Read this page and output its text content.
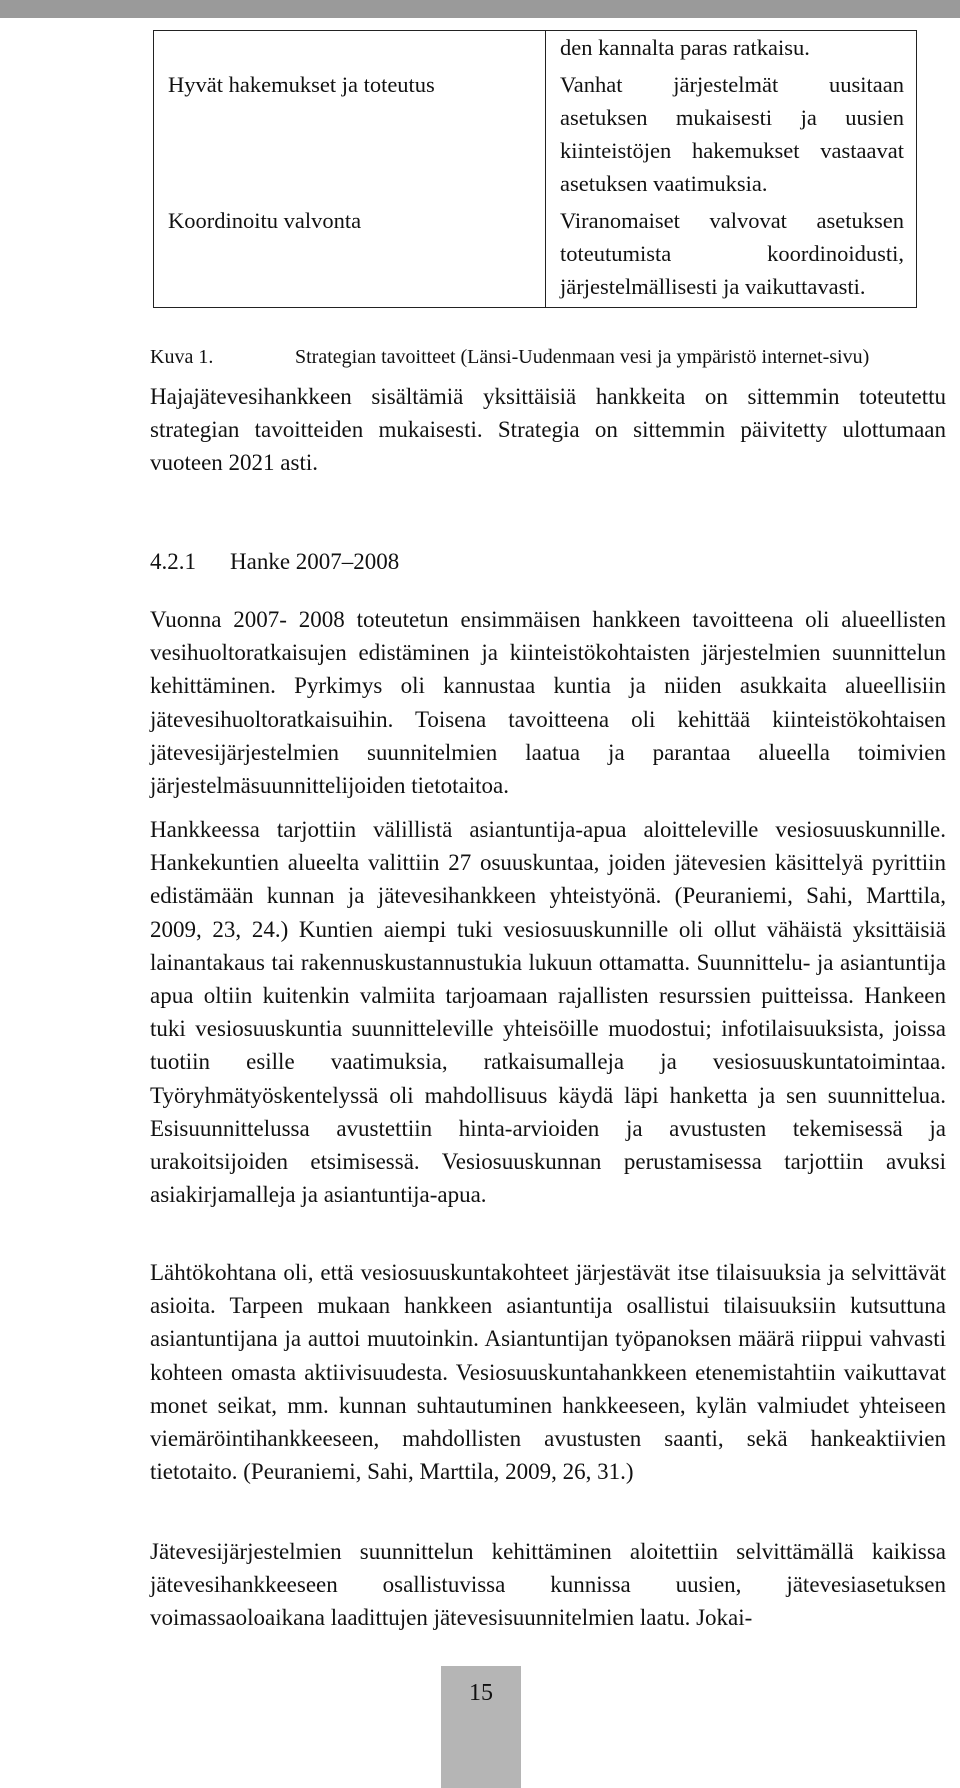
	den kannalta paras ratkaisu.
Hyvät hakemukset ja toteutus	Vanhat järjestelmät uusitaan asetuksen mukaisesti ja uusien kiinteistöjen hakemukset vastaavat asetuksen vaatimuksia.
Koordinoitu valvonta	Viranomaiset valvovat asetuksen toteutumista koordinoidusti, järjestelmällisesti ja vaikuttavasti.
Kuva 1.	Strategian tavoitteet (Länsi-Uudenmaan vesi ja ympäristö internet-sivu)

Hajajätevesihankkeen sisältämiä yksittäisiä hankkeita on sittemmin toteutettu strategian tavoitteiden mukaisesti. Strategia on sittemmin päivitetty ulottumaan vuoteen 2021 asti.

4.2.1	Hanke 2007–2008

Vuonna 2007- 2008 toteutetun ensimmäisen hankkeen tavoitteena oli alueellisten vesihuoltoratkaisujen edistäminen ja kiinteistökohtaisten järjestelmien suunnittelun kehittäminen. Pyrkimys oli kannustaa kuntia ja niiden asukkaita alueellisiin jätevesihuoltoratkaisuihin. Toisena tavoitteena oli kehittää kiinteistökohtaisen jätevesijärjestelmien suunnitelmien laatua ja parantaa alueella toimivien järjestelmäsuunnittelijoiden tietotaitoa.

Hankkeessa tarjottiin välillistä asiantuntija-apua aloitteleville vesiosuuskunnille. Hankekuntien alueelta valittiin 27 osuuskuntaa, joiden jätevesien käsittelyä pyrittiin edistämään kunnan ja jätevesihankkeen yhteistyönä. (Peuraniemi, Sahi, Marttila, 2009, 23, 24.) Kuntien aiempi tuki vesiosuuskunnille oli ollut vähäistä yksittäisiä lainantakaus tai rakennuskustannustukia lukuun ottamatta. Suunnittelu- ja asiantuntija apua oltiin kuitenkin valmiita tarjoamaan rajallisten resurssien puitteissa. Hankeen tuki vesiosuuskuntia suunnitteleville yhteisöille muodostui; infotilaisuuksista, joissa tuotiin esille vaatimuksia, ratkaisumalleja ja vesiosuuskuntatoimintaa. Työryhmätyöskentelyssä oli mahdollisuus käydä läpi hanketta ja sen suunnittelua. Esisuunnittelussa avustettiin hinta-arvioiden ja avustusten tekemisessä ja urakoitsijoiden etsimisessä. Vesiosuuskunnan perustamisessa tarjottiin avuksi asiakirjamalleja ja asiantuntija-apua.

Lähtökohtana oli, että vesiosuuskuntakohteet järjestävät itse tilaisuuksia ja selvittävät asioita. Tarpeen mukaan hankkeen asiantuntija osallistui tilaisuuksiin kutsuttuna asiantuntijana ja auttoi muutoinkin. Asiantuntijan työpanoksen määrä riippui vahvasti kohteen omasta aktiivisuudesta. Vesiosuuskuntahankkeen etenemistahtiin vaikuttavat monet seikat, mm. kunnan suhtautuminen hankkeeseen, kylän valmiudet yhteiseen viemäröintihankkeeseen, mahdollisten avustusten saanti, sekä hankeaktiivien tietotaito. (Peuraniemi, Sahi, Marttila, 2009, 26, 31.)

Jätevesijärjestelmien suunnittelun kehittäminen aloitettiin selvittämällä kaikissa jätevesihankkeeseen osallistuvissa kunnissa uusien, jätevesiasetuksen voimassaoloaikana laadittujen jätevesisuunnitelmien laatu. Jokai-

15
